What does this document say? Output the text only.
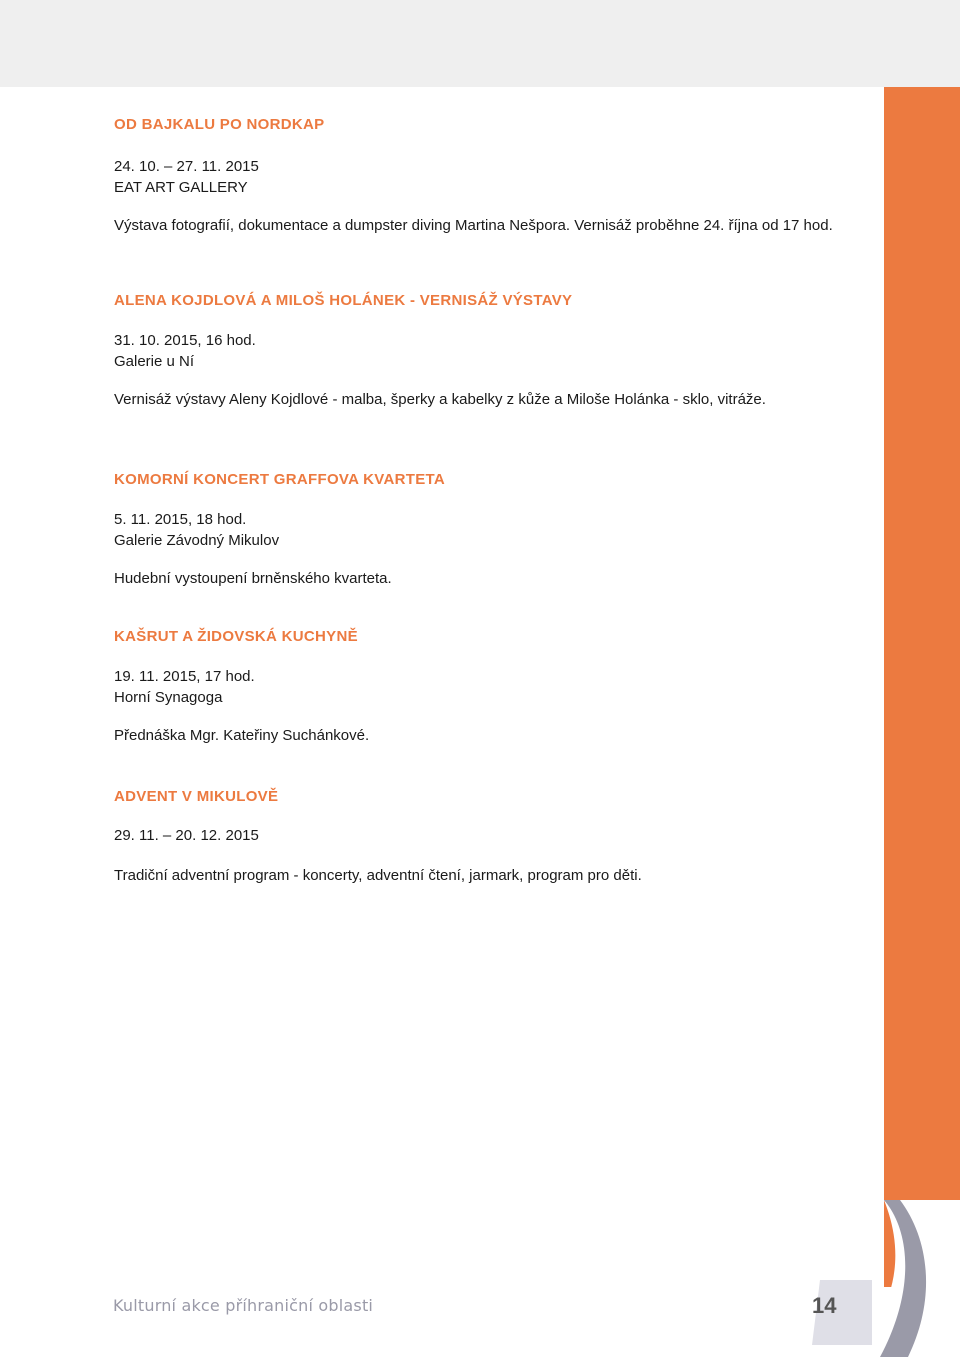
OD BAJKALU PO NORDKAP

24. 10. – 27. 11. 2015

EAT ART GALLERY

Výstava fotografií, dokumentace a dumpster diving Martina Nešpora. Vernisáž proběhne 24. října od 17 hod.

ALENA KOJDLOVÁ A MILOŠ HOLÁNEK - VERNISÁŽ VÝSTAVY

31. 10. 2015, 16 hod.

Galerie u Ní

Vernisáž výstavy Aleny Kojdlové - malba, šperky a kabelky z kůže a Miloše Holánka - sklo, vitráže.

KOMORNÍ KONCERT GRAFFOVA KVARTETA

5. 11. 2015, 18 hod.

Galerie Závodný Mikulov

Hudební vystoupení brněnského kvarteta.

KAŠRUT A ŽIDOVSKÁ KUCHYNĚ

19. 11. 2015, 17 hod.

Horní Synagoga

Přednáška Mgr. Kateřiny Suchánkové.

ADVENT V MIKULOVĚ

29. 11. – 20. 12. 2015

Tradiční adventní program - koncerty, adventní čtení, jarmark, program pro děti.

Kulturní akce příhraniční oblasti	14
